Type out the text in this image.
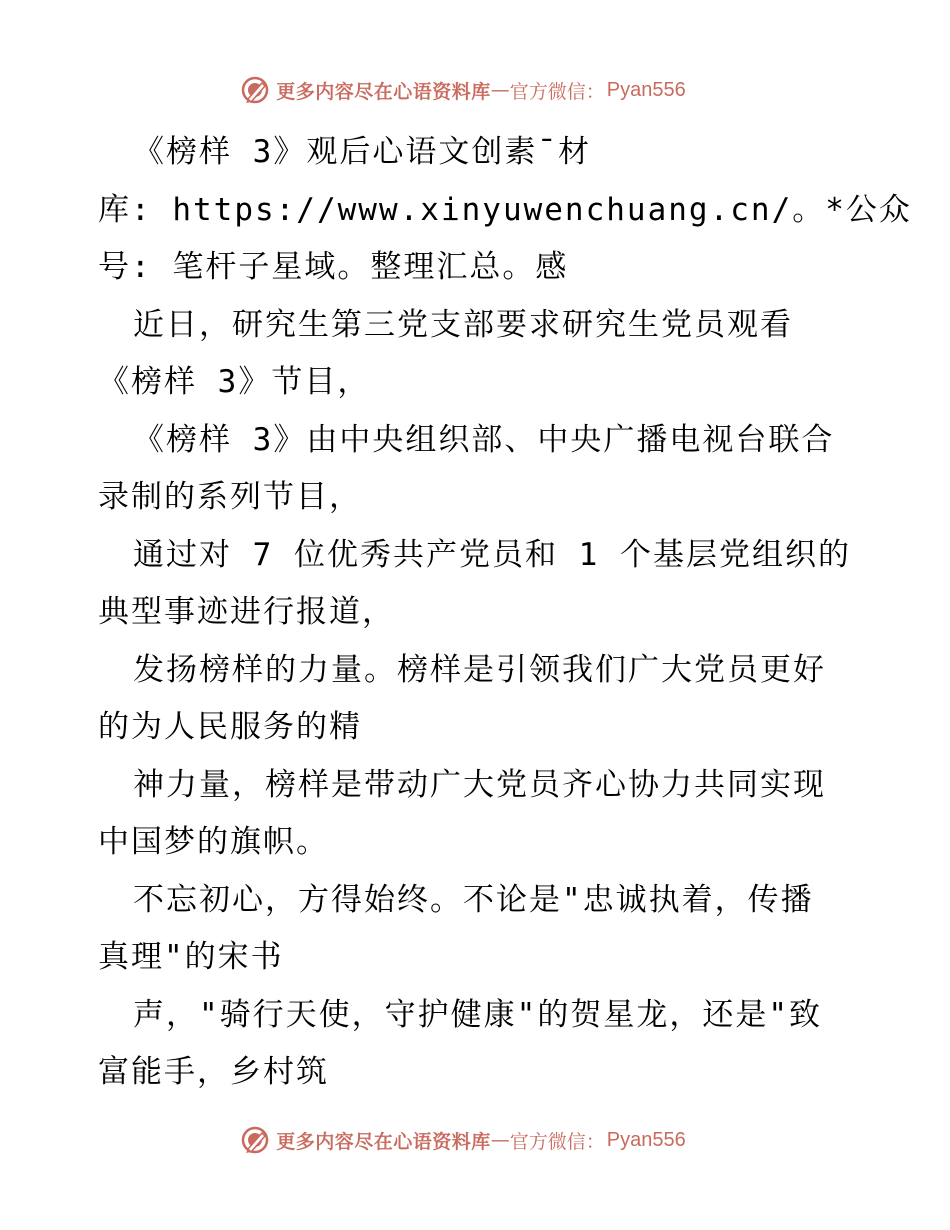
更多内容尽在心语资料库 — 官方微信： Pyan556
《榜样 3》观后心语文创素¯材
库: https://www.xinyuwenchuang.cn/。*公众
号: 笔杆子星域。整理汇总。感
近日，研究生第三党支部要求研究生党员观看
《榜样 3》节目，
《榜样 3》由中央组织部、中央广播电视台联合
录制的系列节目，
通过对 7 位优秀共产党员和 1 个基层党组织的
典型事迹进行报道，
发扬榜样的力量。榜样是引领我们广大党员更好
的为人民服务的精
神力量，榜样是带动广大党员齐心协力共同实现
中国梦的旗帜。
不忘初心，方得始终。不论是"忠诚执着，传播
真理"的宋书
声，"骑行天使，守护健康"的贺星龙，还是"致
富能手，乡村筑
更多内容尽在心语资料库 — 官方微信： Pyan556
